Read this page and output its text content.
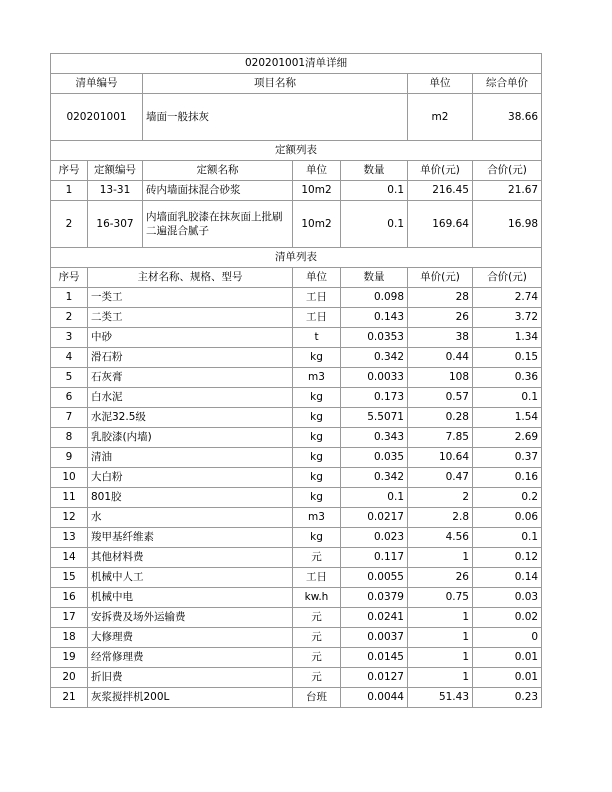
020201001清单详细						
清单编号		项目名称			单位	综合单价
020201001		墙面一般抹灰			m2	38.66
定额列表						
序号	定额编号	定额名称	单位	数量	单价(元)	合价(元)
1	13-31	砖内墙面抹混合砂浆	10m2	0.1	216.45	21.67
2	16-307	内墙面乳胶漆在抹灰面上批刷二遍混合腻子	10m2	0.1	169.64	16.98
清单列表						
序号	主材名称、规格、型号		单位	数量	单价(元)	合价(元)
1	一类工		工日	0.098	28	2.74
2	二类工		工日	0.143	26	3.72
3	中砂		t	0.0353	38	1.34
4	滑石粉		kg	0.342	0.44	0.15
5	石灰膏		m3	0.0033	108	0.36
6	白水泥		kg	0.173	0.57	0.1
7	水泥32.5级		kg	5.5071	0.28	1.54
8	乳胶漆(内墙)		kg	0.343	7.85	2.69
9	清油		kg	0.035	10.64	0.37
10	大白粉		kg	0.342	0.47	0.16
11	801胶		kg	0.1	2	0.2
12	水		m3	0.0217	2.8	0.06
13	羧甲基纤维素		kg	0.023	4.56	0.1
14	其他材料费		元	0.117	1	0.12
15	机械中人工		工日	0.0055	26	0.14
16	机械中电		kw.h	0.0379	0.75	0.03
17	安拆费及场外运输费		元	0.0241	1	0.02
18	大修理费		元	0.0037	1	0
19	经常修理费		元	0.0145	1	0.01
20	折旧费		元	0.0127	1	0.01
21	灰浆搅拌机200L		台班	0.0044	51.43	0.23
